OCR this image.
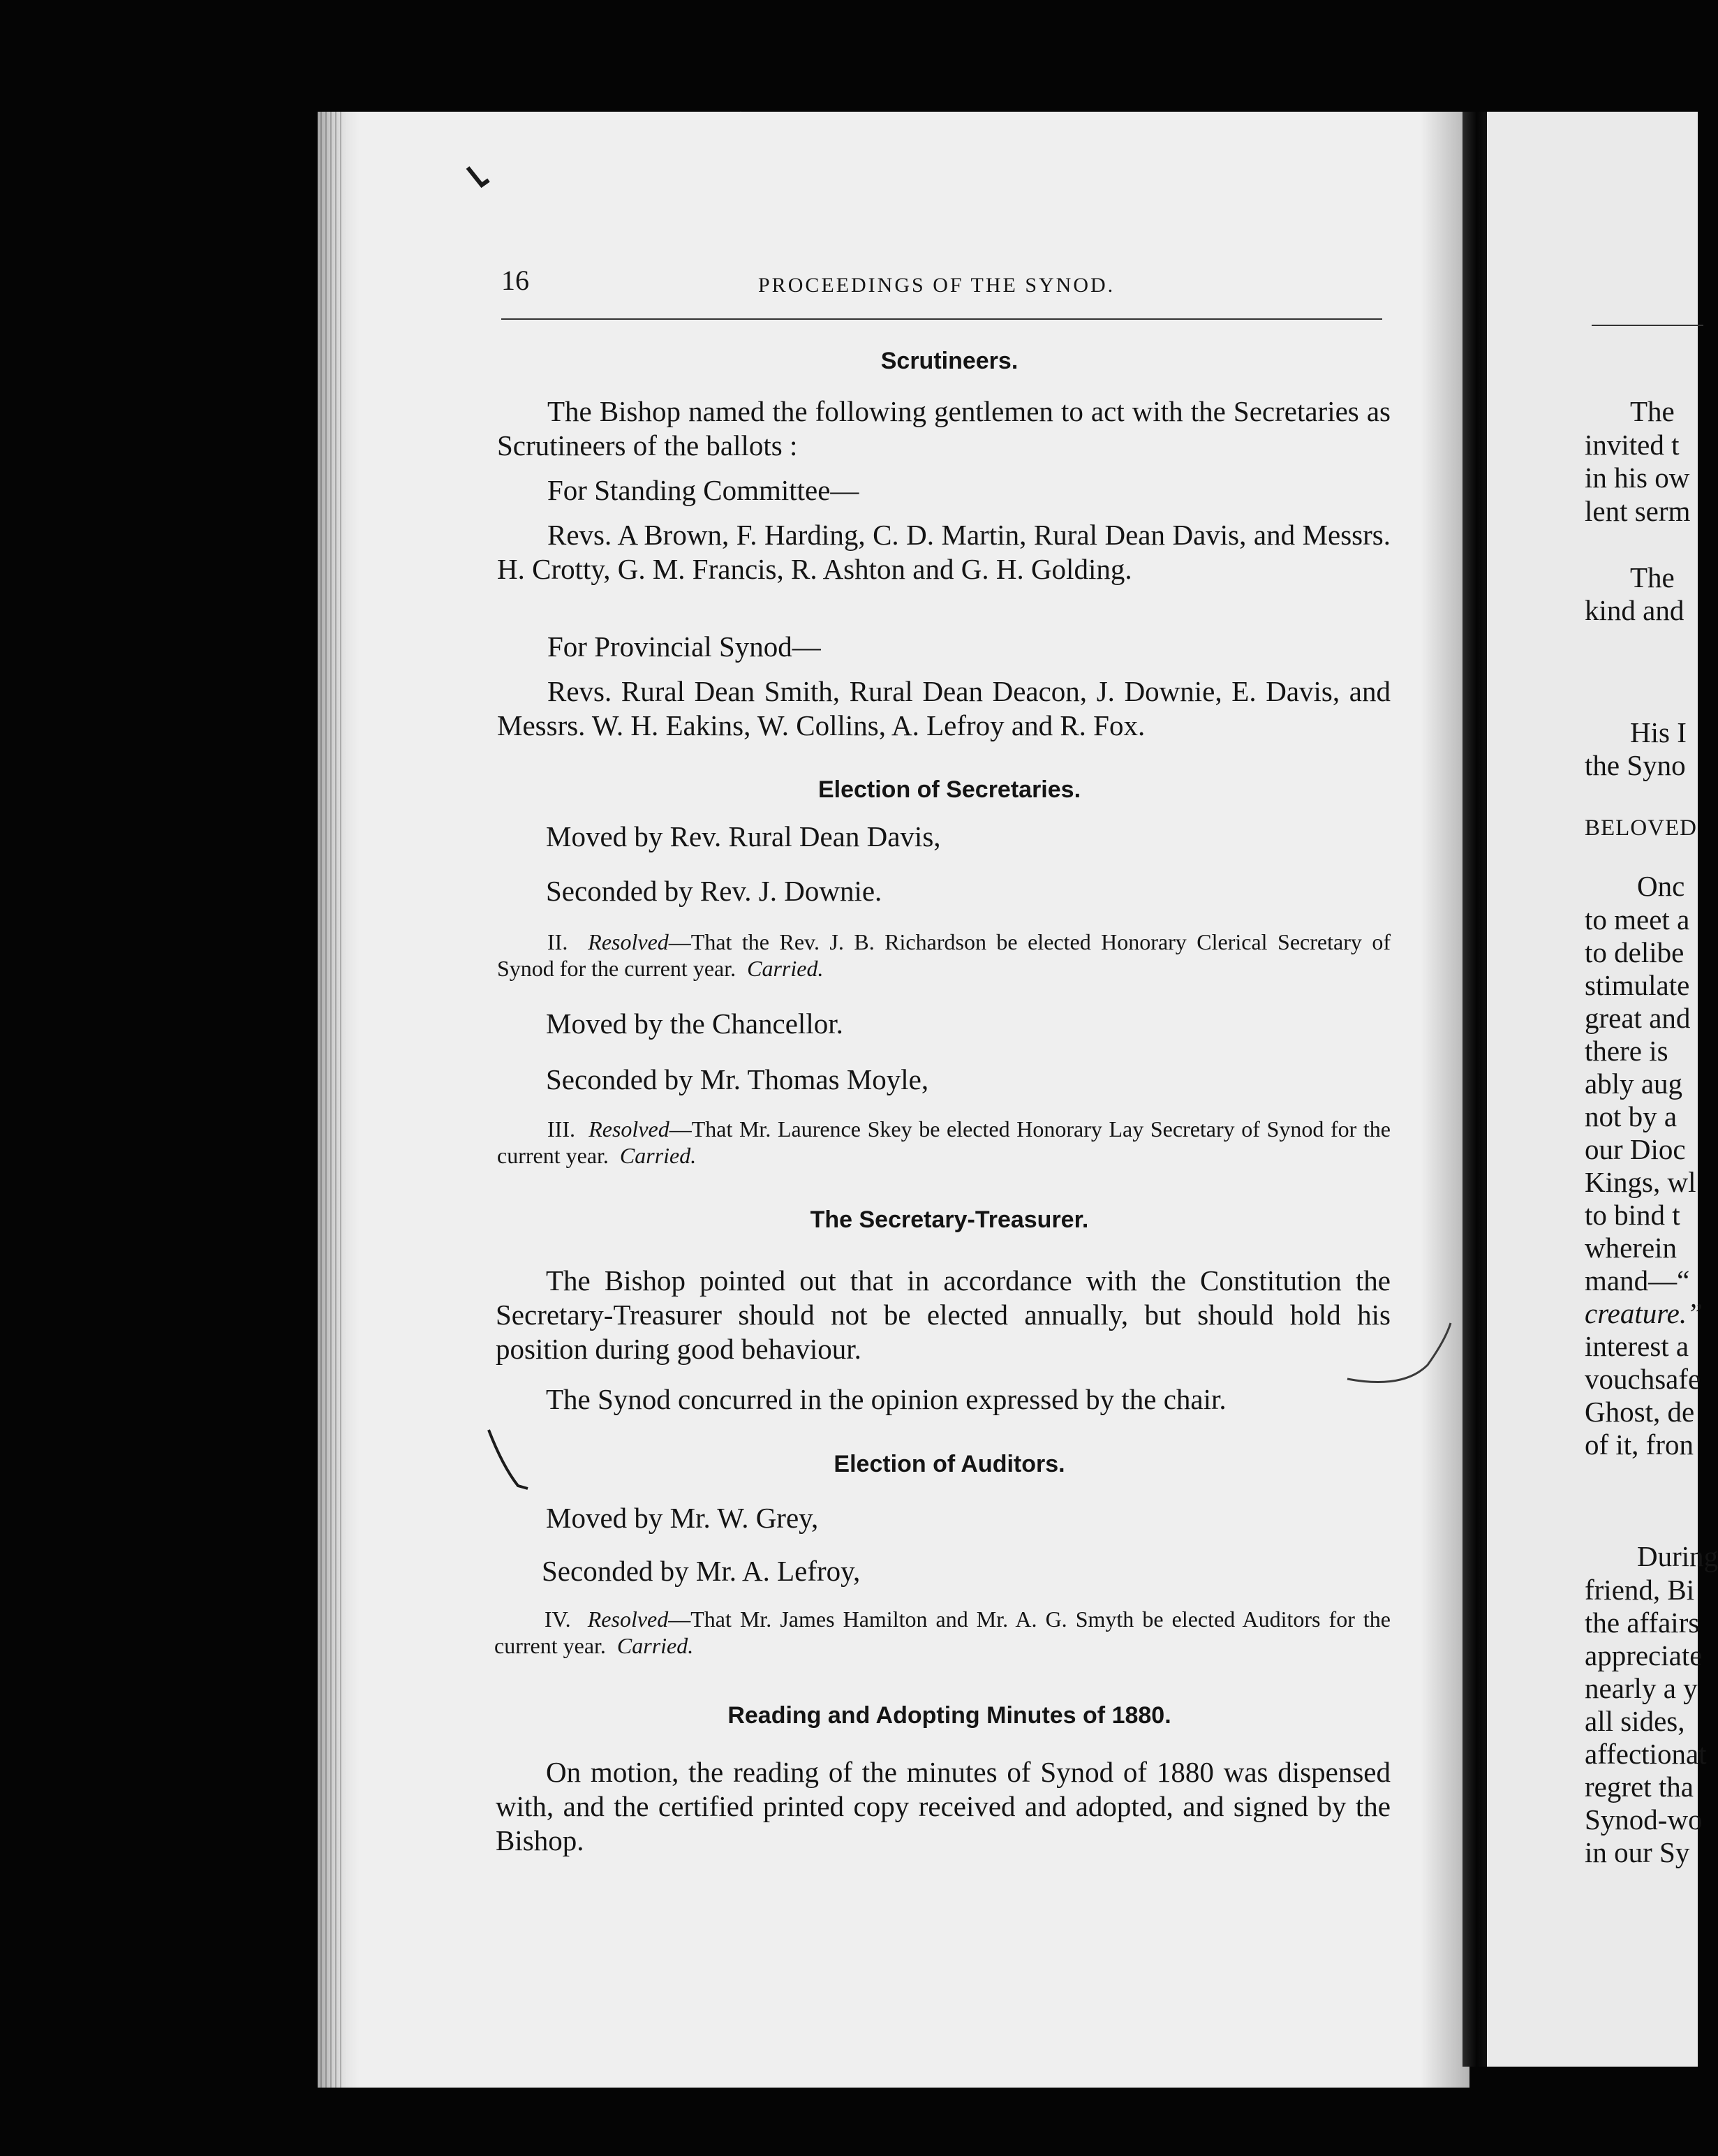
The

invited t

in his ow

lent serm

The

kind and

His I

the Syno

BELOVED

Onc

to meet a

to delibe

stimulate

great and

there is

ably aug

not by a

our Dioc

Kings, wl

to bind t

wherein

mand—“

creature.”

interest a

vouchsafe

Ghost, de

of it, fron

During

friend, Bi

the affairs

appreciate

nearly a y

all sides,

affectionat

regret tha

Synod-wo

in our Sy

16	PROCEEDINGS OF THE SYNOD.
Scrutineers.

The Bishop named the following gentlemen to act with the Secretaries as Scrutineers of the ballots :

For Standing Committee—

Revs. A Brown, F. Harding, C. D. Martin, Rural Dean Davis, and Messrs. H. Crotty, G. M. Francis, R. Ashton and G. H. Golding.

For Provincial Synod—

Revs. Rural Dean Smith, Rural Dean Deacon, J. Downie, E. Davis, and Messrs. W. H. Eakins, W. Collins, A. Lefroy and R. Fox.

Election of Secretaries.

Moved by Rev. Rural Dean Davis,

Seconded by Rev. J. Downie.

II. Resolved—That the Rev. J. B. Richardson be elected Honorary Clerical Secretary of Synod for the current year. Carried.

Moved by the Chancellor.

Seconded by Mr. Thomas Moyle,

III. Resolved—That Mr. Laurence Skey be elected Honorary Lay Secretary of Synod for the current year. Carried.

The Secretary-Treasurer.

The Bishop pointed out that in accordance with the Constitution the Secretary-Treasurer should not be elected annually, but should hold his position during good behaviour.

The Synod concurred in the opinion expressed by the chair.

Election of Auditors.

Moved by Mr. W. Grey,

Seconded by Mr. A. Lefroy,

IV. Resolved—That Mr. James Hamilton and Mr. A. G. Smyth be elected Auditors for the current year. Carried.

Reading and Adopting Minutes of 1880.

On motion, the reading of the minutes of Synod of 1880 was dispensed with, and the certified printed copy received and adopted, and signed by the Bishop.
